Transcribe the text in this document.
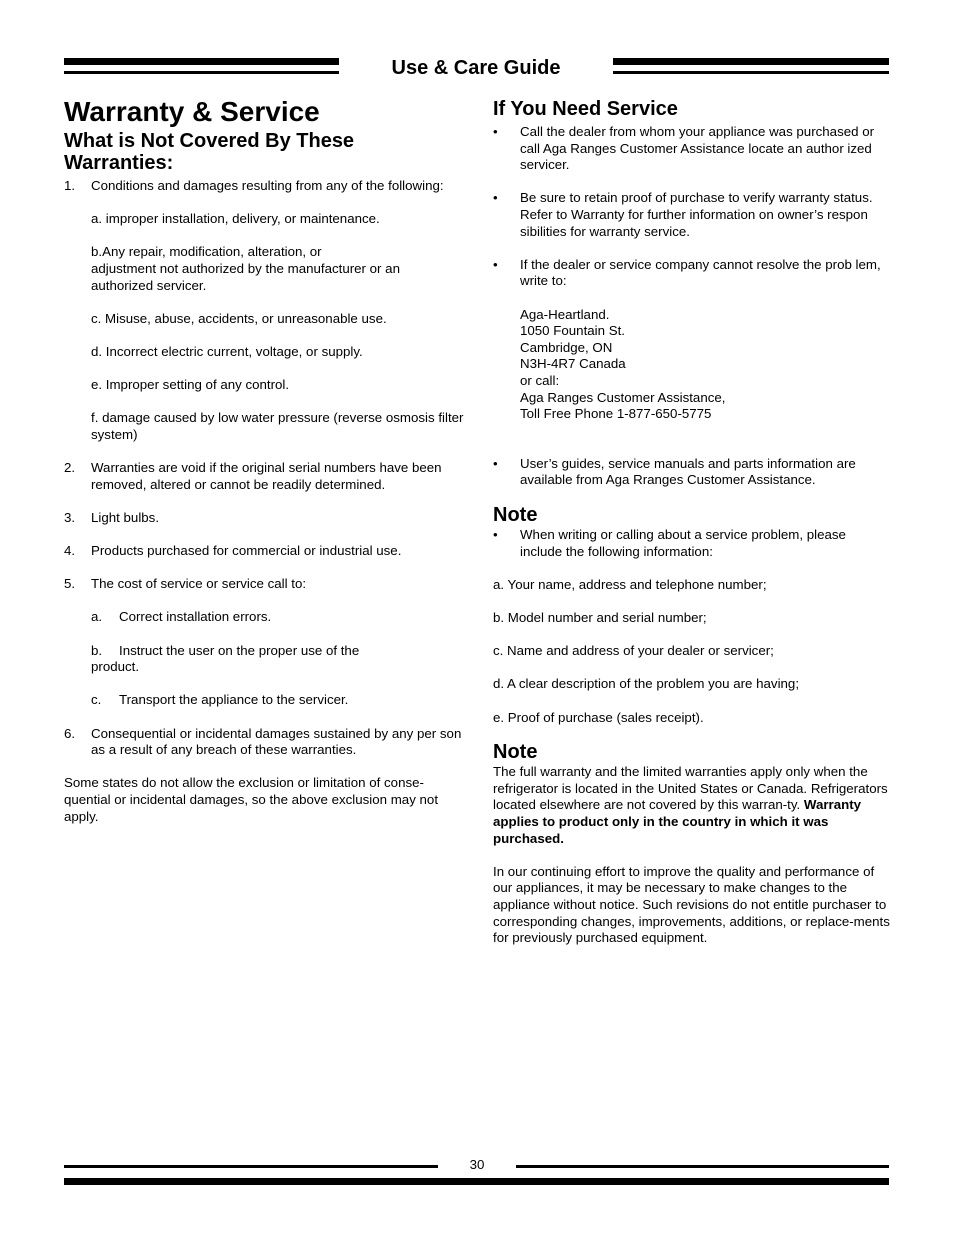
Use & Care Guide
Warranty & Service
What is Not Covered By These Warranties:
1.	Conditions and damages resulting from any of the following:
a. improper installation, delivery, or maintenance.
b.Any repair, modification, alteration, or
adjustment not authorized by the manufacturer or an authorized servicer.
c. Misuse, abuse, accidents, or unreasonable use.
d. Incorrect electric current, voltage, or supply.
e. Improper setting of any control.
f. damage caused by low water pressure (reverse osmosis filter system)
2.	Warranties are void if the original serial numbers have been removed, altered or cannot be readily determined.
3.	Light bulbs.
4.	Products purchased for commercial or industrial use.
5.	The cost of service or service call to:
a.	Correct installation errors.
b.	Instruct the user on the proper use of the
product.
c.	Transport the appliance to the servicer.
6.	Consequential or incidental damages sustained by any per son as a result of any breach of these warranties.
Some states do not allow the exclusion or limitation of conse-quential or incidental damages, so the above exclusion may not apply.
If You Need Service
•	Call the dealer from whom your appliance was purchased or call Aga Ranges Customer Assistance locate an author ized servicer.
•	Be sure to retain proof of purchase to verify warranty status. Refer to Warranty for further information on owner’s respon sibilities for warranty service.
•	If the dealer or service company cannot resolve the prob lem, write to:
Aga-Heartland.
1050 Fountain St.
Cambridge, ON
N3H-4R7 Canada
or call:
Aga Ranges Customer Assistance,
Toll Free Phone 1-877-650-5775
•	User’s guides, service manuals and parts information are available from Aga Rranges Customer Assistance.
Note
•	When writing or calling about a service problem, please include the following information:
a. Your name, address and telephone number;
b. Model number and serial number;
c. Name and address of your dealer or servicer;
d. A clear description of the problem you are having;
e. Proof of purchase (sales receipt).
Note

The full warranty and the limited warranties apply only when the refrigerator is located in the United States or Canada. Refrigerators located elsewhere are not covered by this warran-ty. Warranty applies to product only in the country in which it was purchased.

In our continuing effort to improve the quality and performance of our appliances, it may be necessary to make changes to the appliance without notice. Such revisions do not entitle purchaser to corresponding changes, improvements, additions, or replace-ments for previously purchased equipment.

30
